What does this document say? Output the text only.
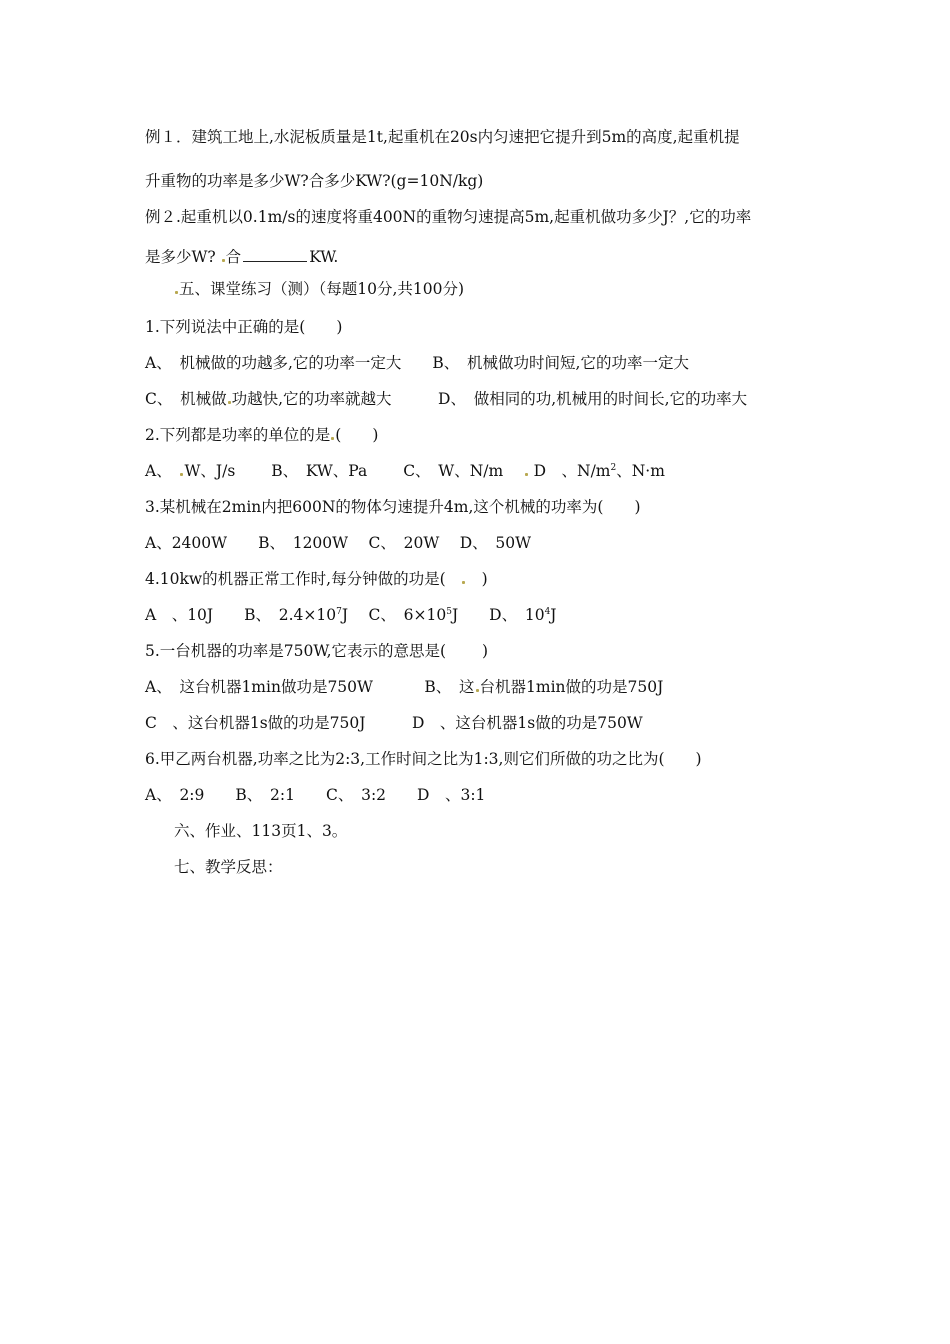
例１．建筑工地上,水泥板质量是1t,起重机在20s内匀速把它提升到5m的高度,起重机提
升重物的功率是多少W?合多少KW?(g=10N/kg)
例２.起重机以0.1m/s的速度将重400N的重物匀速提高5m,起重机做功多少J？,它的功率
是多少W? 合	KW.
五、课堂练习（测）（每题10分,共100分)
1.下列说法中正确的是(　　)
A、　机械做的功越多,它的功率一定大　　B、　机械做功时间短,它的功率一定大
C、　机械做 功越快,它的功率就越大　　　D、　做相同的功,机械用的时间长,它的功率大
2.下列都是功率的单位的是 (　　)
A、　W、J/s　　 B、　KW、Pa　　 C、　W、N/m　  D　、$N/m^2$、N·m
3.某机械在2min内把600N的物体匀速提升4m,这个机械的功率为(　　)
A、2400W　　B、　1200W　 C、　20W　 D、　50W
4.10kw的机器正常工作时,每分钟做的功是(　　)
A　、10J　　B、　$2.4\times 10^7J$　 C、　$6\times 10^5J$　　D、　$10^4J$
5.一台机器的功率是750W,它表示的意思是(　　 )
A、　这台机器1min做功是750W　　　 B、　这 台机器1min做的功是750J
C　、这台机器1s做的功是750J　　　D　、这台机器1s做的功是750W
6.甲乙两台机器,功率之比为2:3,工作时间之比为1:3,则它们所做的功之比为(　　)
A、　2:9　　B、　2:1　　C、　3:2　　D　、3:1
六、作业、113页1、3。
七、教学反思：
